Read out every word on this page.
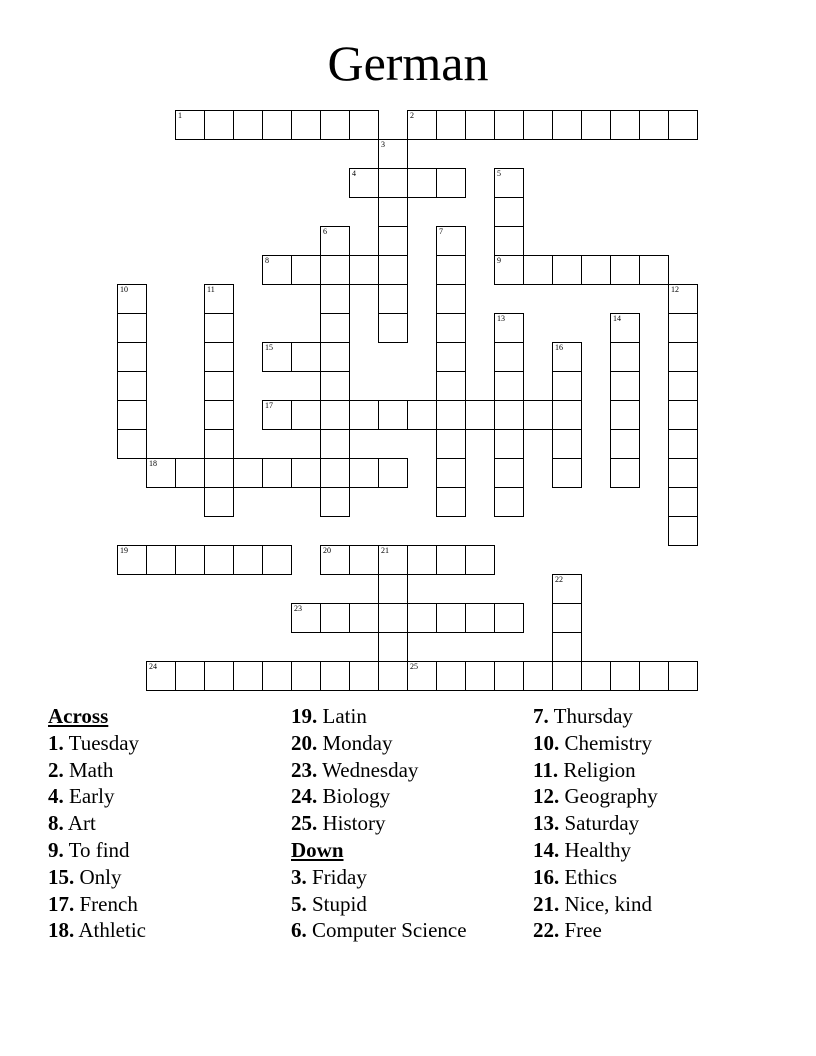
German
1	2
3
4	5
9
6	7
8
10	11	12
13	14
15	16
17
18
19	20	21
22
23
24	25
Across
1. Tuesday
2. Math
4. Early
8. Art
9. To find
15. Only
17. French
18. Athletic
19. Latin
20. Monday
23. Wednesday
24. Biology
25. History
Down
3. Friday
5. Stupid
6. Computer Science
7. Thursday
10. Chemistry
11. Religion
12. Geography
13. Saturday
14. Healthy
16. Ethics
21. Nice, kind
22. Free
